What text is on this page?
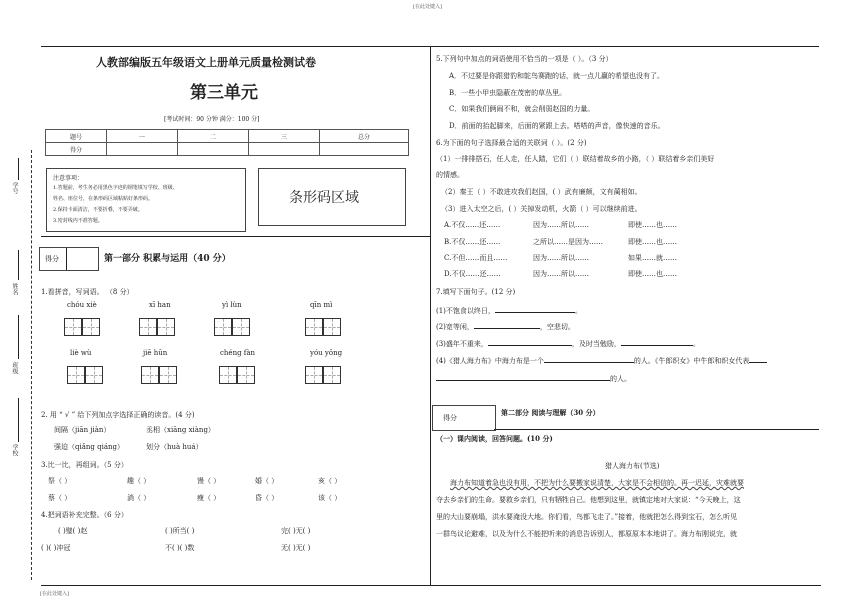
[在此处键入]
[在此处键入]
学号
姓名
班级
学校
人教部编版五年级语文上册单元质量检测试卷
第三单元
[考试时间：90 分钟 满分：100 分]
题号	一	二	三	总分
得分				
注意事项：
1.答题前，考生务必用黑色字迹的钢笔填写学校、班级、
姓名、座位号，在条形码区域粘贴好条形码。
2.保持卡面清洁，不要折叠，不要弄破。
3.密封线内不准答题。
条形码区域
得分	第一部分 积累与运用（40 分）
1.看拼音，写词语。 （8 分）
chóu xiè	xī han	yì lùn	qīn mì
liè wù	jiē hūn	chéng fàn	yóu yǒng
2. 用 “ √ ” 给下列加点字选择正确的读音。(4 分)
间隔（jiān jiàn）	丞相（xiāng xiàng）
强迫（qiǎng qiáng）	划分（huà huá）
3.比一比，再组词。（5 分）
祭（ ）	趣（ ）	馒（ ）	婚（ ）	亥（ ）
蔡（ ）	淌（ ）	瘦（ ）	昏（ ）	该（ ）
4.把词语补充完整。（6 分）
( )璧( )赵	( )所当( )	完( )无( )
( )( )冲冠	不( )( )数	无( )无( )
5.下列句中加点的词语使用不恰当的一项是（ ）。（3 分）
A．不过要是你跟猎豹和鸵鸟赛跑的话，就一点儿赢的希望也没有了。
B．一些小甲虫隐蔽在茂密的草丛里。
C．如果我们俩闹不和，就会削弱赵国的力量。
D．前面的抬起脚来，后面的紧跟上去。嗒嗒的声音，像快速的音乐。
6.为下面的句子选择最合适的关联词（ ）。(2 分)
（1）一排排搭石，任人走，任人踏，它们（ ）联结着故乡的小路，（ ）联结着乡亲们美好
的情感。
（2）秦王（ ）不敢进攻我们赵国，( ）武有廉颇，文有蔺相如。
（3）进入太空之后，( ）关掉发动机，火箭（ ）可以继续前进。
A.不仅……还……	因为……所以……	即使……也……
B.不仅……还……	之所以……是因为……	即使……也……
C.不但……而且……	因为……所以……	如果……就……
D.不仅……还……	因为……所以……	即使……也……
7.填写下面句子。(12 分)
(1)不饱食以终日，	。
(2)宽等闲，	，空悲切。
(3)盛年不重来，	，及时当勉励，	。
(4)《猎人海力布》中海力布是一个	的人。《牛郎织女》中牛郎和织女代表
的人。
得分
第二部分 阅读与理解（30 分）
（一）课内阅读，回答问题。(10 分)
猎人海力布(节选)
海力布知道着急也没有用，不把为什么要搬家说清楚，大家是不会相信的。再一迟延，灾难就要
夺去乡亲们的生命。要救乡亲们，只有牺牲自己。他想到这里，就镇定地对大家说：“今天晚上，这
里的大山要崩塌，洪水要淹没大地。你们看，鸟都飞走了。”接着，他就把怎么得到宝石，怎么听见
一群鸟议论避难，以及为什么不能把听来的消息告诉别人，都原原本本地讲了。海力布刚说完，就
